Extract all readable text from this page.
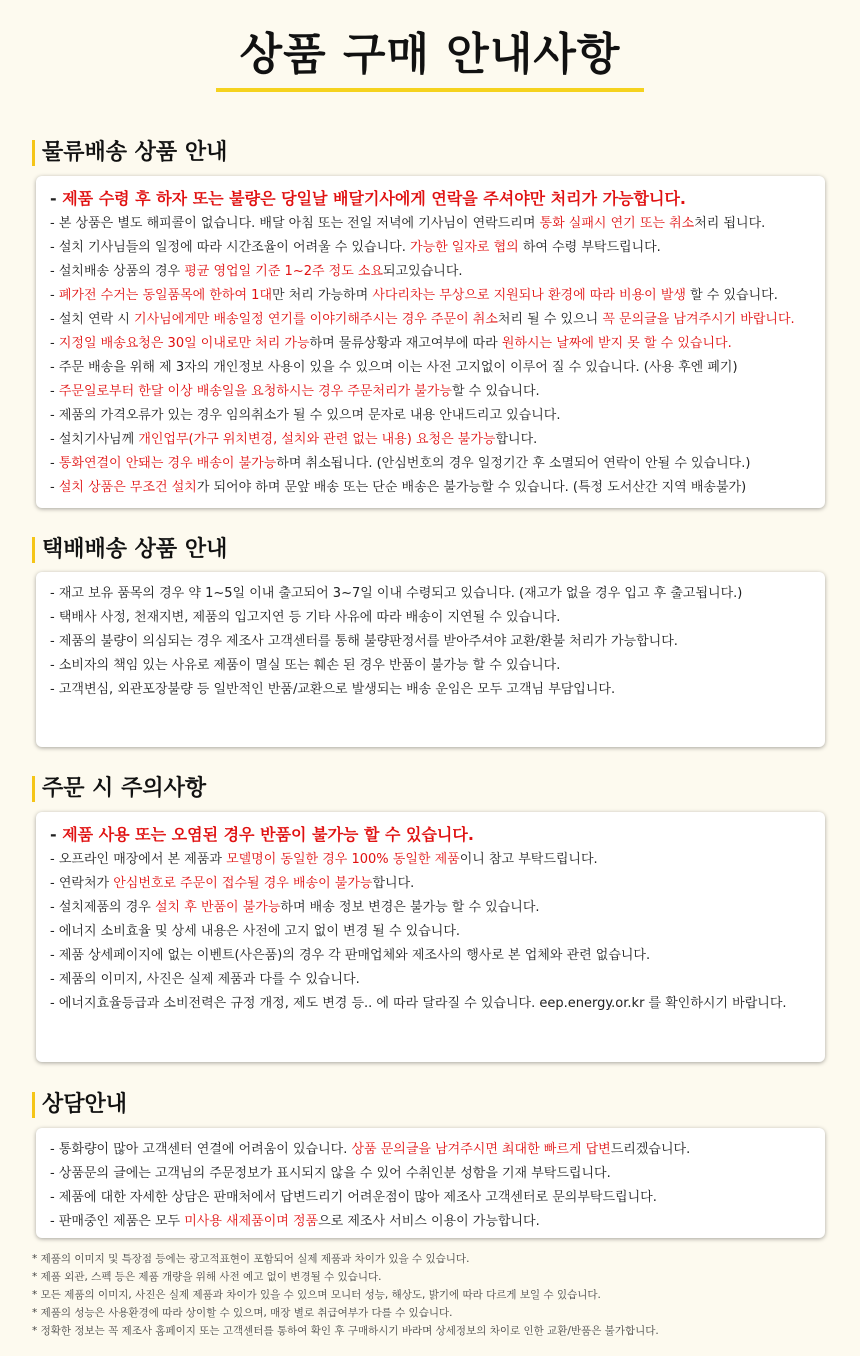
상품 구매 안내사항
물류배송 상품 안내
- 제품 수령 후 하자 또는 불량은 당일날 배달기사에게 연락을 주셔야만 처리가 가능합니다.
- 본 상품은 별도 해피콜이 없습니다. 배달 아침 또는 전일 저녁에 기사님이 연락드리며 통화 실패시 연기 또는 취소처리 됩니다.
- 설치 기사님들의 일정에 따라 시간조율이 어려울 수 있습니다. 가능한 일자로 협의 하여 수령 부탁드립니다.
- 설치배송 상품의 경우 평균 영업일 기준 1~2주 정도 소요되고있습니다.
- 폐가전 수거는 동일품목에 한하여 1대만 처리 가능하며 사다리차는 무상으로 지원되나 환경에 따라 비용이 발생 할 수 있습니다.
- 설치 연락 시 기사님에게만 배송일정 연기를 이야기해주시는 경우 주문이 취소처리 될 수 있으니 꼭 문의글을 남겨주시기 바랍니다.
- 지정일 배송요청은 30일 이내로만 처리 가능하며 물류상황과 재고여부에 따라 원하시는 날짜에 받지 못 할 수 있습니다.
- 주문 배송을 위해 제 3자의 개인정보 사용이 있을 수 있으며 이는 사전 고지없이 이루어 질 수 있습니다. (사용 후엔 폐기)
- 주문일로부터 한달 이상 배송일을 요청하시는 경우 주문처리가 불가능할 수 있습니다.
- 제품의 가격오류가 있는 경우 임의취소가 될 수 있으며 문자로 내용 안내드리고 있습니다.
- 설치기사님께 개인업무(가구 위치변경, 설치와 관련 없는 내용) 요청은 불가능합니다.
- 통화연결이 안돼는 경우 배송이 불가능하며 취소됩니다. (안심번호의 경우 일정기간 후 소멸되어 연락이 안될 수 있습니다.)
- 설치 상품은 무조건 설치가 되어야 하며 문앞 배송 또는 단순 배송은 불가능할 수 있습니다. (특정 도서산간 지역 배송불가)
택배배송 상품 안내
- 재고 보유 품목의 경우 약 1~5일 이내 출고되어 3~7일 이내 수령되고 있습니다. (재고가 없을 경우 입고 후 출고됩니다.)
- 택배사 사정, 천재지변, 제품의 입고지연 등 기타 사유에 따라 배송이 지연될 수 있습니다.
- 제품의 불량이 의심되는 경우 제조사 고객센터를 통해 불량판정서를 받아주셔야 교환/환불 처리가 가능합니다.
- 소비자의 책임 있는 사유로 제품이 멸실 또는 훼손 된 경우 반품이 불가능 할 수 있습니다.
- 고객변심, 외관포장불량 등 일반적인 반품/교환으로 발생되는 배송 운임은 모두 고객님 부담입니다.
주문 시 주의사항
- 제품 사용 또는 오염된 경우 반품이 불가능 할 수 있습니다.
- 오프라인 매장에서 본 제품과 모델명이 동일한 경우 100% 동일한 제품이니 참고 부탁드립니다.
- 연락처가 안심번호로 주문이 접수될 경우 배송이 불가능합니다.
- 설치제품의 경우 설치 후 반품이 불가능하며 배송 정보 변경은 불가능 할 수 있습니다.
- 에너지 소비효율 및 상세 내용은 사전에 고지 없이 변경 될 수 있습니다.
- 제품 상세페이지에 없는 이벤트(사은품)의 경우 각 판매업체와 제조사의 행사로 본 업체와 관련 없습니다.
- 제품의 이미지, 사진은 실제 제품과 다를 수 있습니다.
- 에너지효율등급과 소비전력은 규정 개정, 제도 변경 등.. 에 따라 달라질 수 있습니다. eep.energy.or.kr 를 확인하시기 바랍니다.
상담안내
- 통화량이 많아 고객센터 연결에 어려움이 있습니다. 상품 문의글을 남겨주시면 최대한 빠르게 답변드리겠습니다.
- 상품문의 글에는 고객님의 주문정보가 표시되지 않을 수 있어 수취인분 성함을 기재 부탁드립니다.
- 제품에 대한 자세한 상담은 판매처에서 답변드리기 어려운점이 많아 제조사 고객센터로 문의부탁드립니다.
- 판매중인 제품은 모두 미사용 새제품이며 정품으로 제조사 서비스 이용이 가능합니다.
* 제품의 이미지 및 특장점 등에는 광고적표현이 포함되어 실제 제품과 차이가 있을 수 있습니다.
* 제품 외관, 스펙 등은 제품 개량을 위해 사전 예고 없이 변경될 수 있습니다.
* 모든 제품의 이미지, 사진은 실제 제품과 차이가 있을 수 있으며 모니터 성능, 해상도, 밝기에 따라 다르게 보일 수 있습니다.
* 제품의 성능은 사용환경에 따라 상이할 수 있으며, 매장 별로 취급여부가 다를 수 있습니다.
* 정확한 정보는 꼭 제조사 홈페이지 또는 고객센터를 통하여 확인 후 구매하시기 바라며 상세정보의 차이로 인한 교환/반품은 불가합니다.
